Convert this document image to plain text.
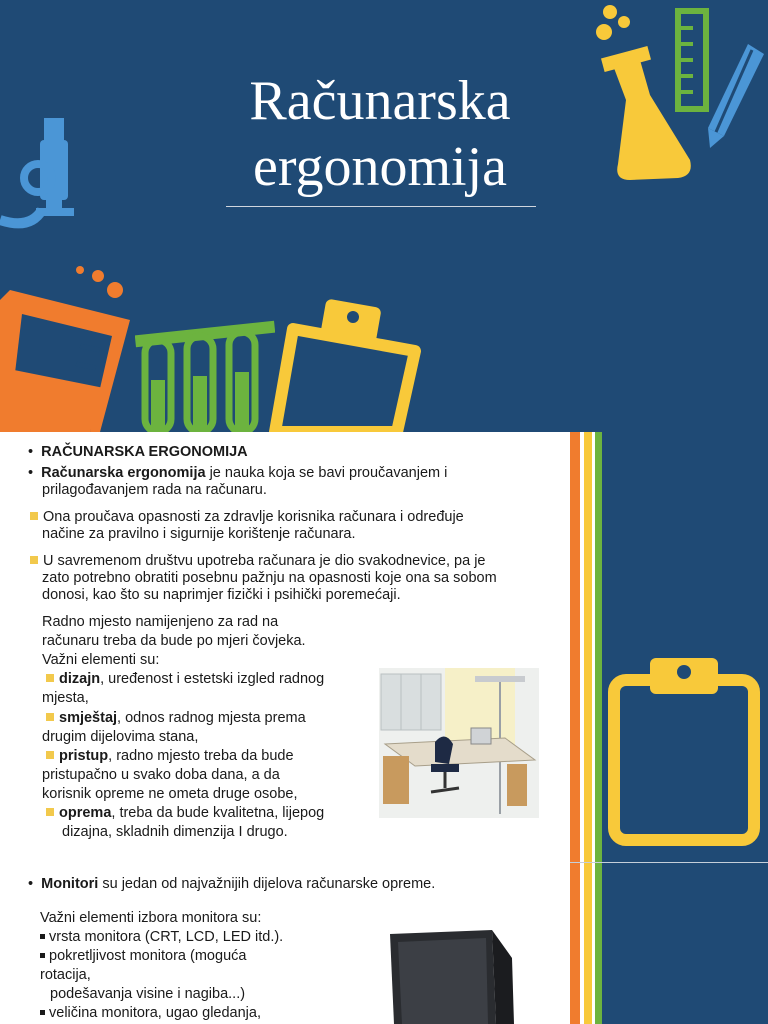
Računarska
ergonomija
•  RAČUNARSKA ERGONOMIJA
•  Računarska ergonomija je nauka koja se bavi proučavanjem i
prilagođavanjem rada na računaru.
Ona proučava opasnosti za zdravlje korisnika računara i određuje
načine za pravilno i sigurnije korištenje računara.
U savremenom društvu upotreba računara je dio svakodnevice, pa je
zato potrebno obratiti posebnu pažnju na opasnosti koje ona sa sobom
donosi, kao što su naprimjer fizički i psihički poremećaji.
Radno mjesto namijenjeno za rad na
računaru treba da bude po mjeri čovjeka.
Važni elementi su:
dizajn, uređenost i estetski izgled radnog
mjesta,
smještaj, odnos radnog mjesta prema
drugim dijelovima stana,
pristup, radno mjesto treba da bude
pristupačno u svako doba dana, a da
korisnik opreme ne ometa druge osobe,
oprema, treba da bude kvalitetna, lijepog
dizajna, skladnih dimenzija I drugo.
•  Monitori su jedan od najvažnijih dijelova računarske opreme.
Važni elementi izbora monitora su:
vrsta monitora (CRT, LCD, LED itd.).
pokretljivost monitora (moguća
rotacija,
podešavanja visine i nagiba...)
veličina monitora, ugao gledanja,
